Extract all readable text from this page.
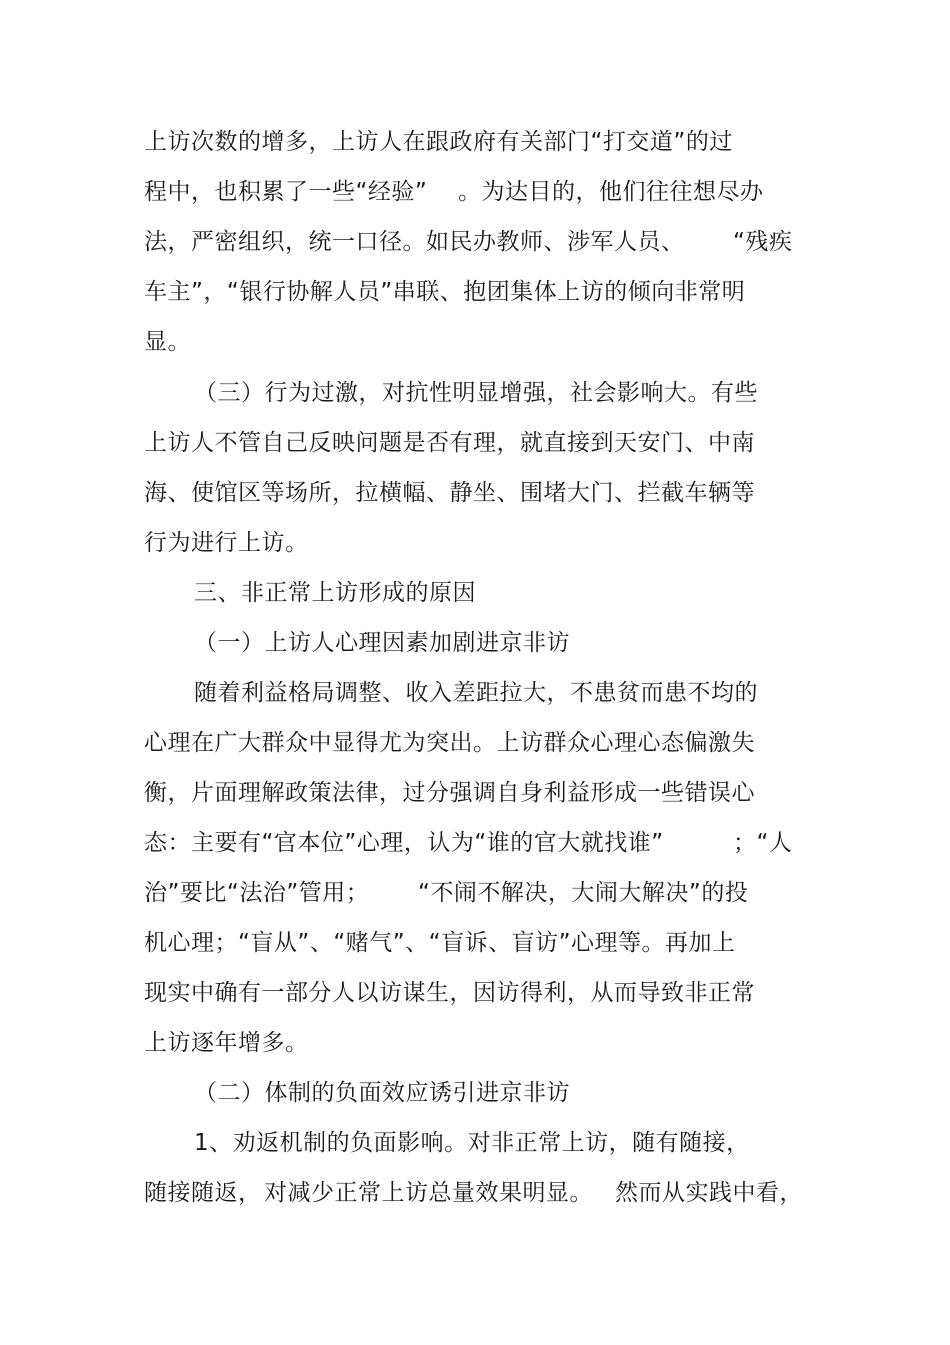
上访次数的增多，上访人在跟政府有关部门“打交道”的过
程中，也积累了一些“经验”	。为达目的，他们往往想尽办
法，严密组织，统一口径。如民办教师、涉军人员、	“残疾
车主”，“银行协解人员”串联、抱团集体上访的倾向非常明
显。
（三）行为过激，对抗性明显增强，社会影响大。有些
上访人不管自己反映问题是否有理，就直接到天安门、中南
海、使馆区等场所，拉横幅、静坐、围堵大门、拦截车辆等
行为进行上访。
三、非正常上访形成的原因
（一）上访人心理因素加剧进京非访
随着利益格局调整、收入差距拉大，不患贫而患不均的
心理在广大群众中显得尤为突出。上访群众心理心态偏激失
衡，片面理解政策法律，过分强调自身利益形成一些错误心
态：主要有“官本位”心理，认为“谁的官大就找谁”	；“人
治”要比“法治”管用；	“不闹不解决，大闹大解决”的投
机心理；“盲从”、“赌气”、“盲诉、盲访”心理等。再加上
现实中确有一部分人以访谋生，因访得利，从而导致非正常
上访逐年增多。
（二）体制的负面效应诱引进京非访
1、劝返机制的负面影响。对非正常上访，随有随接，
随接随返， 对减少正常上访总量效果明显。 然而从实践中看，
